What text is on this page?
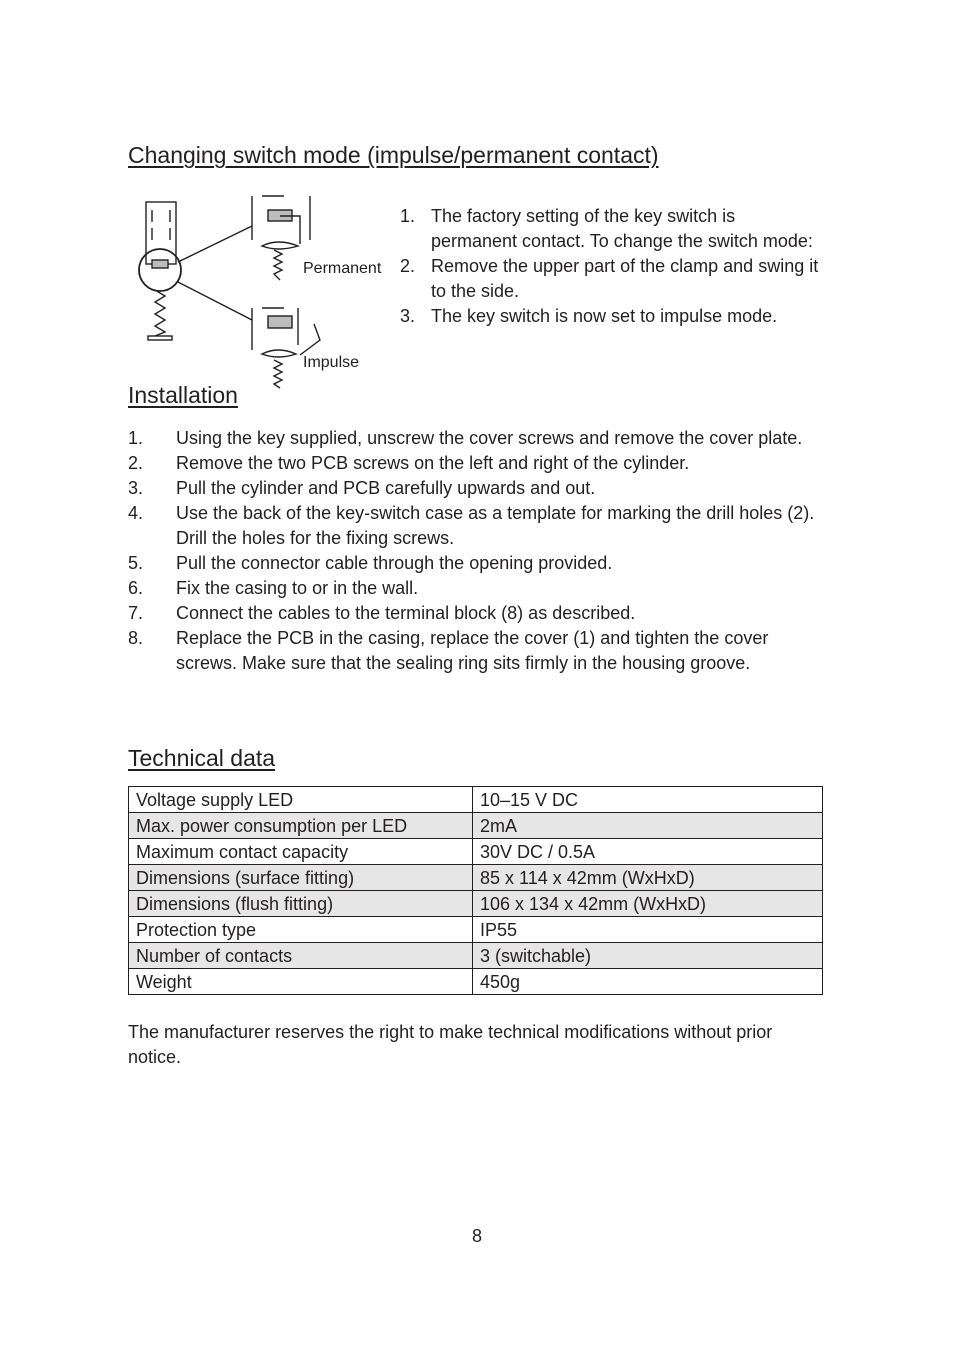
Changing switch mode (impulse/permanent contact)
Permanent
Impulse
1. The factory setting of the key switch is permanent contact. To change the switch mode:
2. Remove the upper part of the clamp and swing it to the side.
3. The key switch is now set to impulse mode.
Installation
1. Using the key supplied, unscrew the cover screws and remove the cover plate.
2. Remove the two PCB screws on the left and right of the cylinder.
3. Pull the cylinder and PCB carefully upwards and out.
4. Use the back of the key-switch case as a template for marking the drill holes (2). Drill the holes for the fixing screws.
5. Pull the connector cable through the opening provided.
6. Fix the casing to or in the wall.
7. Connect the cables to the terminal block (8) as described.
8. Replace the PCB in the casing, replace the cover (1) and tighten the cover screws. Make sure that the sealing ring sits firmly in the housing groove.
Technical data
Voltage supply LED	10–15 V DC
Max. power consumption per LED	2mA
Maximum contact capacity	30V DC / 0.5A
Dimensions (surface fitting)	85 x 114 x 42mm (WxHxD)
Dimensions (flush fitting)	106 x 134 x 42mm (WxHxD)
Protection type	IP55
Number of contacts	3 (switchable)
Weight	450g

The manufacturer reserves the right to make technical modifications without prior notice.

8
